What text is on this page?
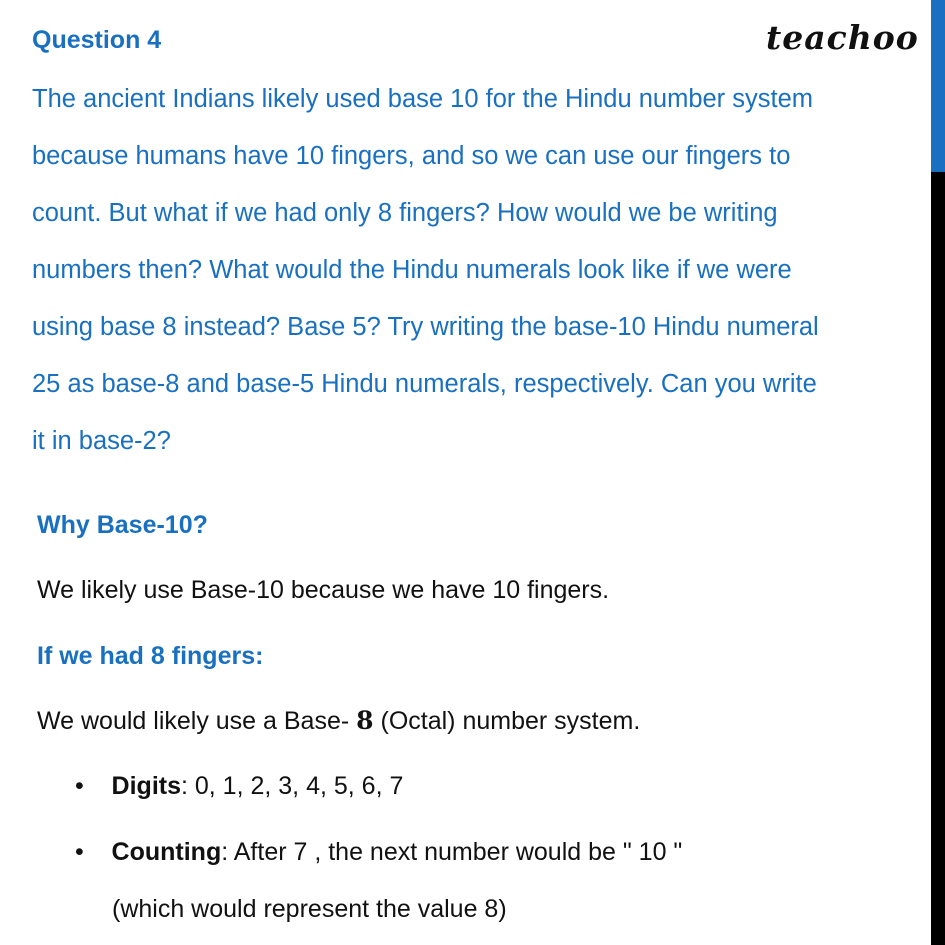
Question 4	teachoo
The ancient Indians likely used base 10 for the Hindu number system
because humans have 10 fingers, and so we can use our fingers to
count. But what if we had only 8 fingers? How would we be writing
numbers then? What would the Hindu numerals look like if we were
using base 8 instead? Base 5? Try writing the base-10 Hindu numeral
25 as base-8 and base-5 Hindu numerals, respectively. Can you write
it in base-2?
Why Base-10?
We likely use Base-10 because we have 10 fingers.
If we had 8 fingers:
We would likely use a Base- 8 (Octal) number system.
•    Digits: 0, 1, 2, 3, 4, 5, 6, 7
•    Counting: After 7 , the next number would be " 10 "
(which would represent the value 8)
